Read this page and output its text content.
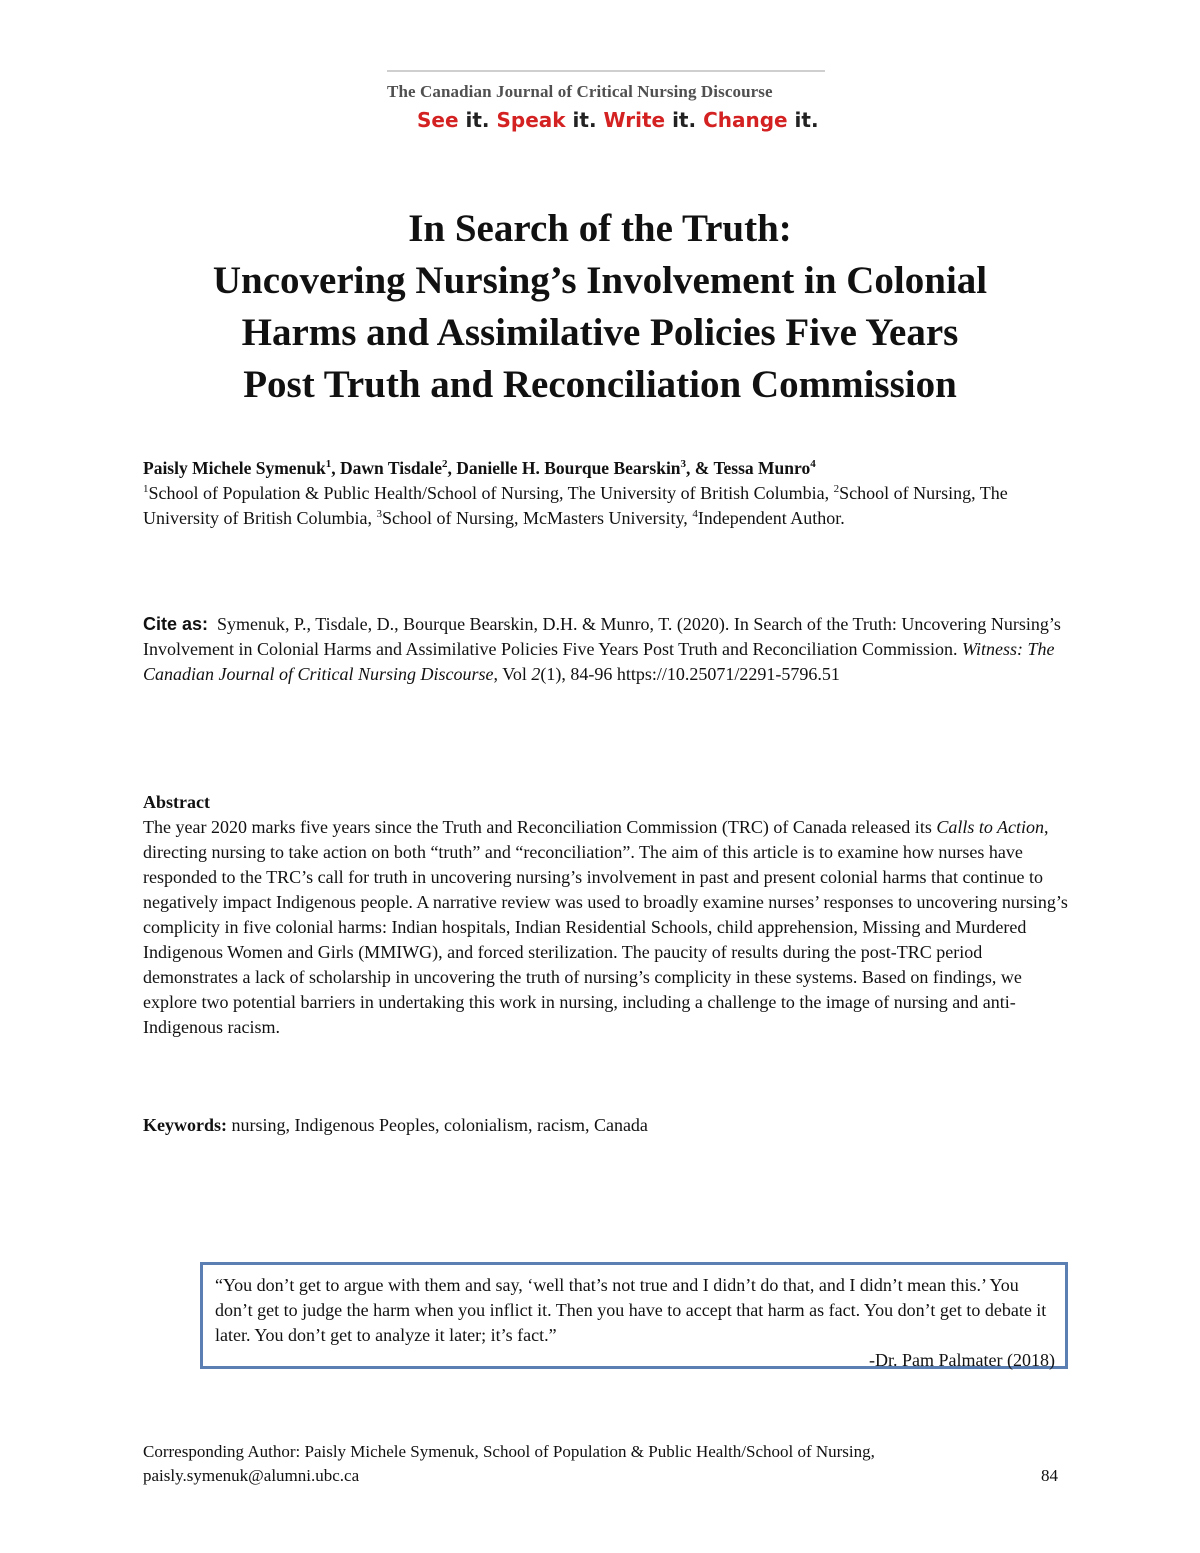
The Canadian Journal of Critical Nursing Discourse
See it. Speak it. Write it. Change it.
In Search of the Truth:
Uncovering Nursing’s Involvement in Colonial
Harms and Assimilative Policies Five Years
Post Truth and Reconciliation Commission
Paisly Michele Symenuk$^1$, Dawn Tisdale$^2$, Danielle H. Bourque Bearskin$^3$, & Tessa Munro$^4$
$^1$School of Population & Public Health/School of Nursing, The University of British Columbia, $^2$School of Nursing, The University of British Columbia, $^3$School of Nursing, McMasters University, $^4$Independent Author.
Cite as: Symenuk, P., Tisdale, D., Bourque Bearskin, D.H. & Munro, T. (2020). In Search of the Truth: Uncovering Nursing’s Involvement in Colonial Harms and Assimilative Policies Five Years Post Truth and Reconciliation Commission. Witness: The Canadian Journal of Critical Nursing Discourse, Vol 2(1), 84-96 https://10.25071/2291-5796.51
Abstract
The year 2020 marks five years since the Truth and Reconciliation Commission (TRC) of Canada released its Calls to Action, directing nursing to take action on both “truth” and “reconciliation”. The aim of this article is to examine how nurses have responded to the TRC’s call for truth in uncovering nursing’s involvement in past and present colonial harms that continue to negatively impact Indigenous people. A narrative review was used to broadly examine nurses’ responses to uncovering nursing’s complicity in five colonial harms: Indian hospitals, Indian Residential Schools, child apprehension, Missing and Murdered Indigenous Women and Girls (MMIWG), and forced sterilization. The paucity of results during the post-TRC period demonstrates a lack of scholarship in uncovering the truth of nursing’s complicity in these systems. Based on findings, we explore two potential barriers in undertaking this work in nursing, including a challenge to the image of nursing and anti-Indigenous racism.
Keywords: nursing, Indigenous Peoples, colonialism, racism, Canada
“You don’t get to argue with them and say, ‘well that’s not true and I didn’t do that, and I didn’t mean this.’ You don’t get to judge the harm when you inflict it. Then you have to accept that harm as fact. You don’t get to debate it later. You don’t get to analyze it later; it’s fact.”
-Dr. Pam Palmater (2018)
Corresponding Author: Paisly Michele Symenuk, School of Population & Public Health/School of Nursing,
paisly.symenuk@alumni.ubc.ca	84
